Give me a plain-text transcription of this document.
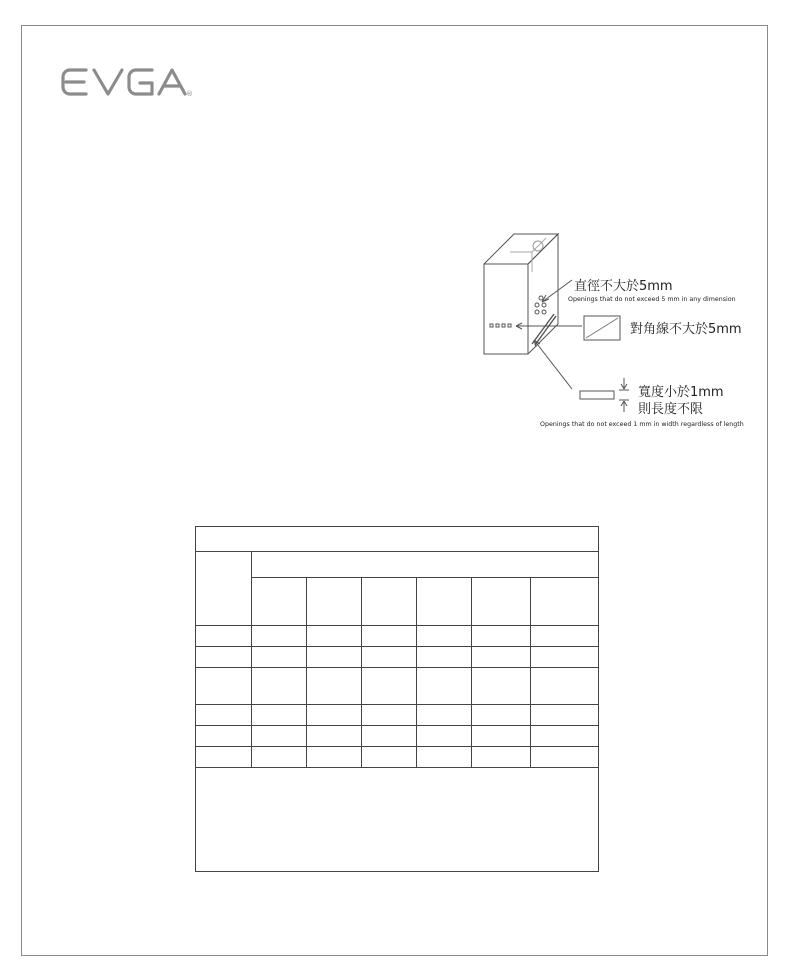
®
直徑不大於5mm
Openings that do not exceed 5 mm in any dimension
對角線不大於5mm
寬度小於1mm
則長度不限
Openings that do not exceed 1 mm in width regardless of length
